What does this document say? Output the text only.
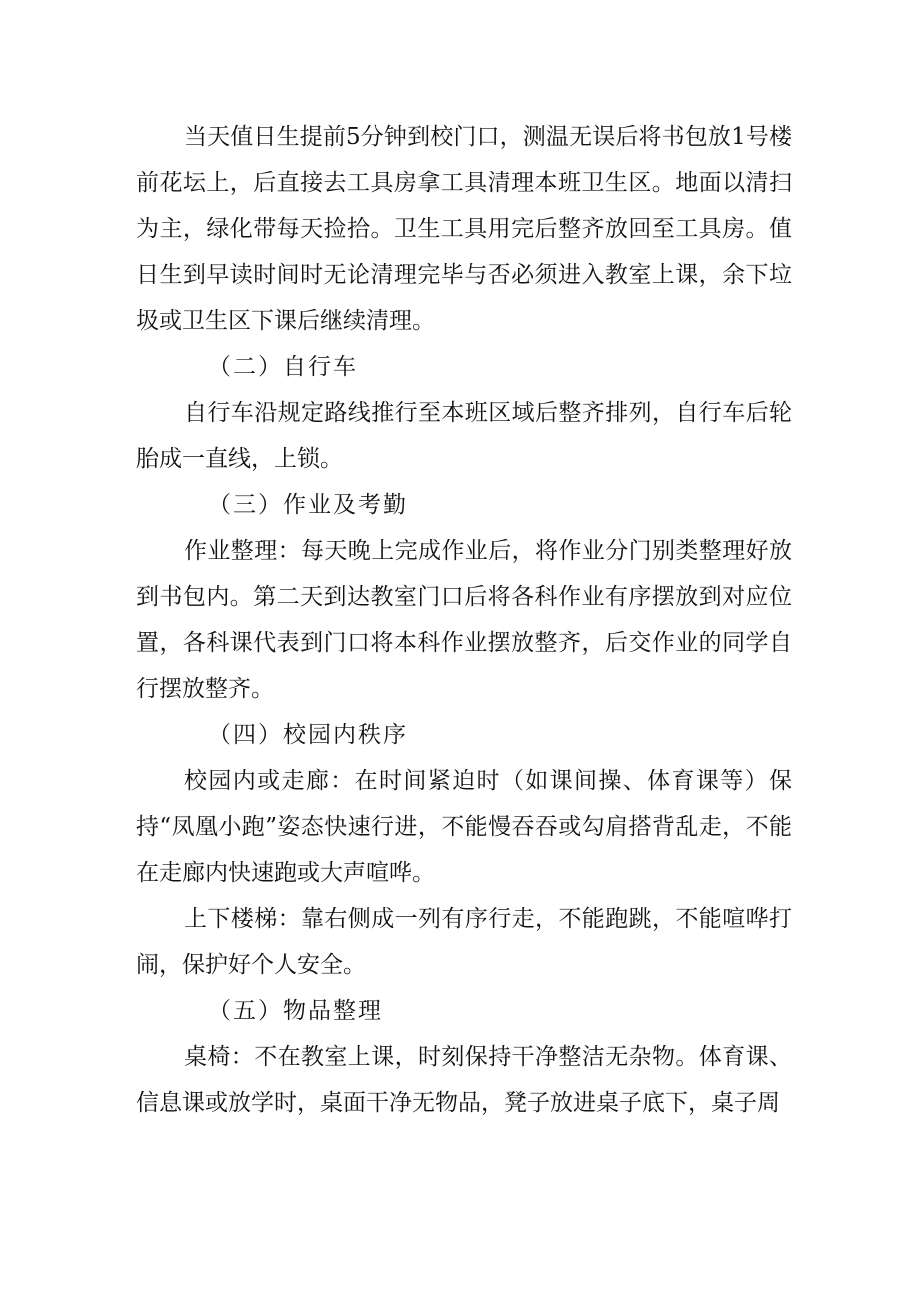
当天值日生提前5分钟到校门口，测温无误后将书包放1号楼前花坛上，后直接去工具房拿工具清理本班卫生区。地面以清扫为主，绿化带每天捡拾。卫生工具用完后整齐放回至工具房。值日生到早读时间时无论清理完毕与否必须进入教室上课，余下垃圾或卫生区下课后继续清理。

（二）自行车

自行车沿规定路线推行至本班区域后整齐排列，自行车后轮胎成一直线，上锁。

（三）作业及考勤

作业整理：每天晚上完成作业后，将作业分门别类整理好放到书包内。第二天到达教室门口后将各科作业有序摆放到对应位置，各科课代表到门口将本科作业摆放整齐，后交作业的同学自行摆放整齐。

（四）校园内秩序

校园内或走廊：在时间紧迫时（如课间操、体育课等）保持“凤凰小跑”姿态快速行进，不能慢吞吞或勾肩搭背乱走，不能在走廊内快速跑或大声喧哗。

上下楼梯：靠右侧成一列有序行走，不能跑跳，不能喧哗打闹，保护好个人安全。

（五）物品整理

桌椅：不在教室上课，时刻保持干净整洁无杂物。体育课、信息课或放学时，桌面干净无物品，凳子放进桌子底下，桌子周
